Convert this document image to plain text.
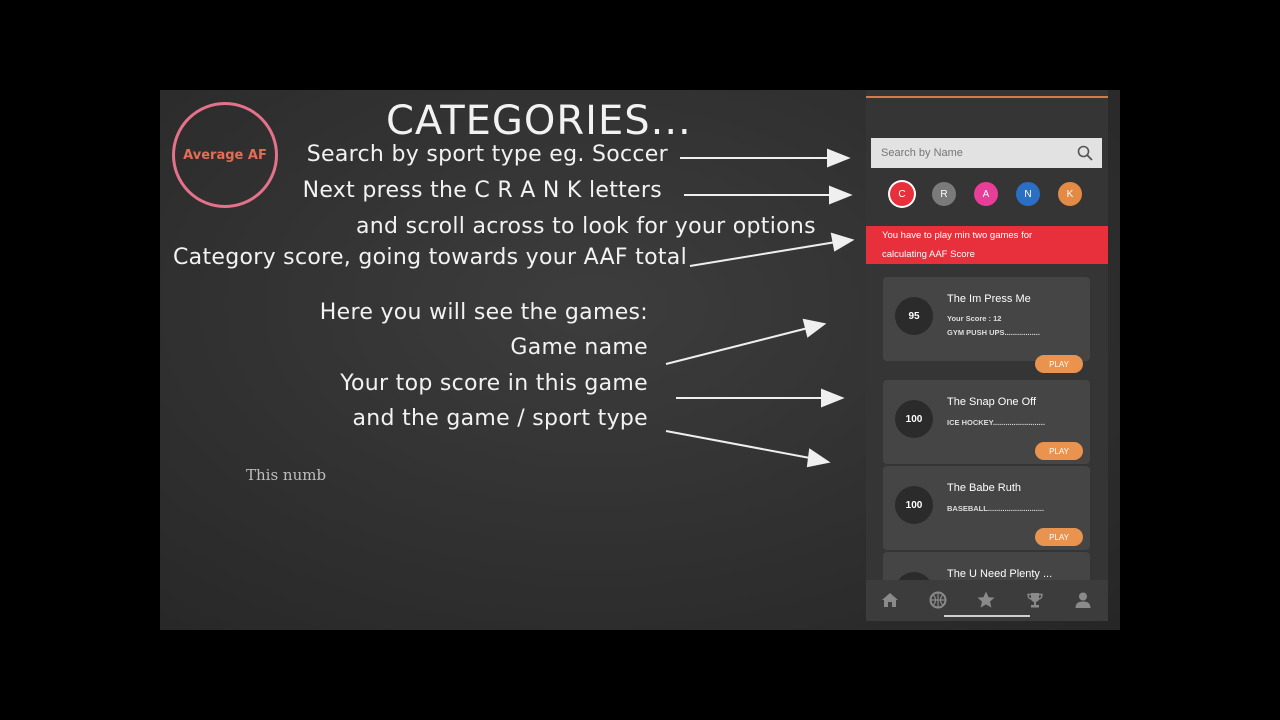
Average AF
CATEGORIES...
Search by sport type eg. Soccer
Next press the C R A N K letters
and scroll across to look for your options
Category score, going towards your AAF total
Here you will see the games:
Game name
Your top score in this game
and the game / sport type
This numb
Search by Name
C	R	A	N	K
You have to play min two games for
calculating AAF Score
95
The Im Press Me
Your Score : 12
GYM PUSH UPS.................
PLAY
100
The Snap One Off
ICE HOCKEY.........................
PLAY
100
The Babe Ruth
BASEBALL...........................
PLAY
The U Need Plenty ...
